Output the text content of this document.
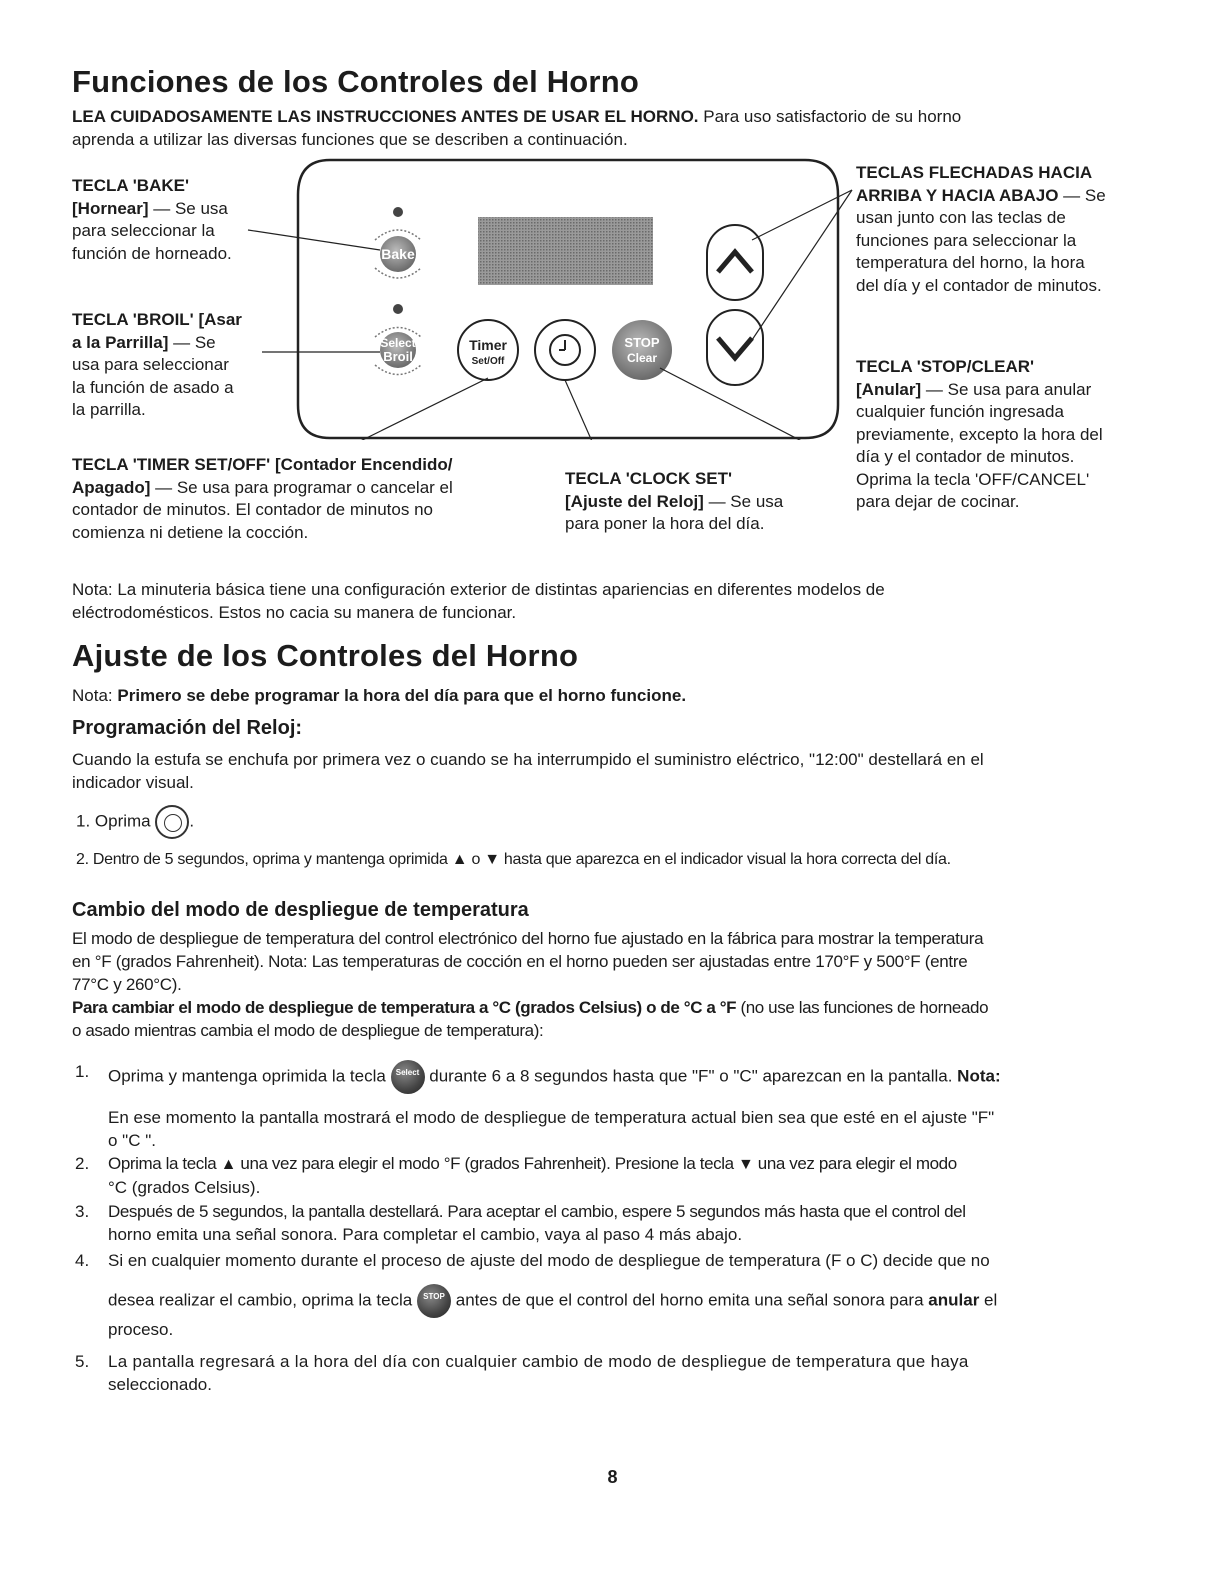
Funciones de los Controles del Horno
LEA CUIDADOSAMENTE LAS INSTRUCCIONES ANTES DE USAR EL HORNO. Para uso satisfactorio de su horno
aprenda a utilizar las diversas funciones que se describen a continuación.
Bake
Select
Broil
Timer
Set/Off
STOP
Clear
TECLA 'BAKE'
[Hornear] — Se usa
para seleccionar la
función de horneado.
TECLA 'BROIL' [Asar
a la Parrilla] — Se
usa para seleccionar
la función de asado a
la parrilla.
TECLA 'TIMER SET/OFF' [Contador Encendido/
Apagado] — Se usa para programar o cancelar el
contador de minutos. El contador de minutos no
comienza ni detiene la cocción.
TECLA 'CLOCK SET'
[Ajuste del Reloj] — Se usa
para poner la hora del día.
TECLAS FLECHADAS HACIA
ARRIBA Y HACIA ABAJO — Se
usan junto con las teclas de
funciones para seleccionar la
temperatura del horno, la hora
del día y el contador de minutos.
TECLA 'STOP/CLEAR'
[Anular] — Se usa para anular
cualquier función ingresada
previamente, excepto la hora del
día y el contador de minutos.
Oprima la tecla 'OFF/CANCEL'
para dejar de cocinar.
Nota: La minuteria básica tiene una configuración exterior de distintas apariencias en diferentes modelos de
eléctrodomésticos. Estos no cacia su manera de funcionar.
Ajuste de los Controles del Horno
Nota: Primero se debe programar la hora del día para que el horno funcione.
Programación del Reloj:
Cuando la estufa se enchufa por primera vez o cuando se ha interrumpido el suministro eléctrico, "12:00" destellará en el
indicador visual.
1. Oprima .
2. Dentro de 5 segundos, oprima y mantenga oprimida ▲ o ▼ hasta que aparezca en el indicador visual la hora correcta del día.
Cambio del modo de despliegue de temperatura
El modo de despliegue de temperatura del control electrónico del horno fue ajustado en la fábrica para mostrar la temperatura
en °F (grados Fahrenheit). Nota: Las temperaturas de cocción en el horno pueden ser ajustadas entre 170°F y 500°F (entre
77°C y 260°C).
Para cambiar el modo de despliegue de temperatura a °C (grados Celsius) o de °C a °F (no use las funciones de horneado
o asado mientras cambia el modo de despliegue de temperatura):
1. Oprima y mantenga oprimida la tecla	Select durante 6 a 8 segundos hasta que "F" o "C" aparezcan en la pantalla. Nota:
En ese momento la pantalla mostrará el modo de despliegue de temperatura actual bien sea que esté en el ajuste "F"
o "C ".
2. Oprima la tecla ▲ una vez para elegir el modo °F (grados Fahrenheit). Presione la tecla ▼ una vez para elegir el modo
°C (grados Celsius).
3. Después de 5 segundos, la pantalla destellará. Para aceptar el cambio, espere 5 segundos más hasta que el control del
horno emita una señal sonora. Para completar el cambio, vaya al paso 4 más abajo.
4. Si en cualquier momento durante el proceso de ajuste del modo de despliegue de temperatura (F o C) decide que no
desea realizar el cambio, oprima la tecla	STOP antes de que el control del horno emita una señal sonora para anular el
proceso.
5. La pantalla regresará a la hora del día con cualquier cambio de modo de despliegue de temperatura que haya
seleccionado.
8
